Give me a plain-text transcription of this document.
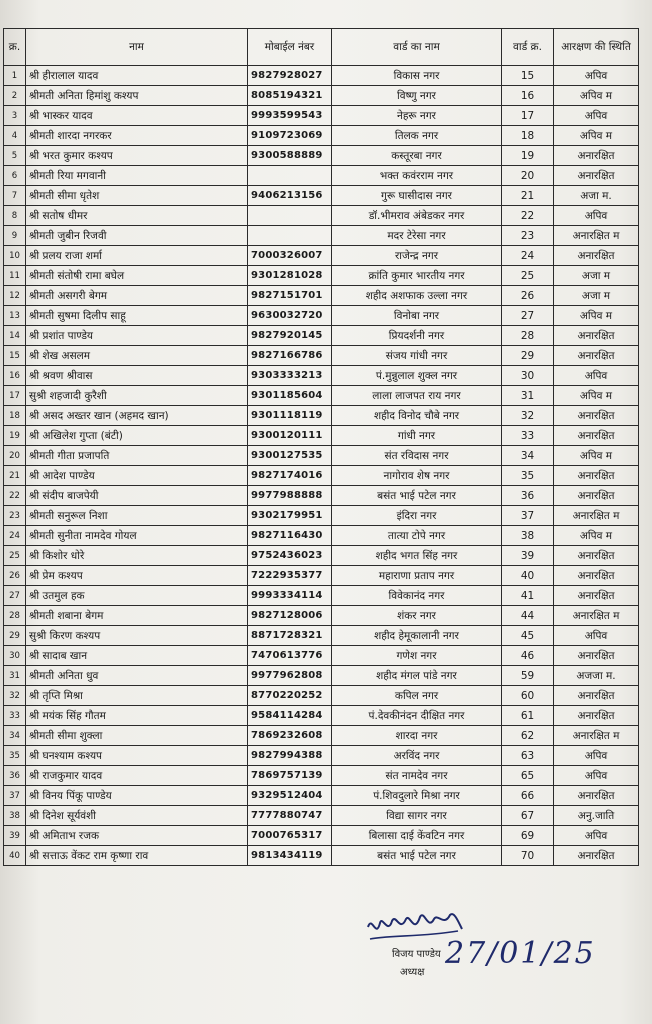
क्र.	नाम	मोबाईल नंबर	वार्ड का नाम	वार्ड क्र.	आरक्षण की स्थिति
1	श्री हीरालाल यादव	9827928027	विकास नगर	15	अपिव
2	श्रीमती अनिता हिमांशु कश्यप	8085194321	विष्णु नगर	16	अपिव म
3	श्री भास्कर यादव	9993599543	नेहरू नगर	17	अपिव
4	श्रीमती शारदा नगरकर	9109723069	तिलक नगर	18	अपिव म
5	श्री भरत कुमार कश्यप	9300588889	कस्तूरबा नगर	19	अनारक्षित
6	श्रीमती रिया मगवानी		भक्त कवंरराम नगर	20	अनारक्षित
7	श्रीमती सीमा धृतेश	9406213156	गुरू घासीदास नगर	21	अजा म.
8	श्री सतोष धीमर		डॉ.भीमराव अंबेडकर नगर	22	अपिव
9	श्रीमती जुबीन रिजवी		मदर टेरेसा नगर	23	अनारक्षित म
10	श्री प्रलय राजा शर्मा	7000326007	राजेन्द्र नगर	24	अनारक्षित
11	श्रीमती संतोषी रामा बघेल	9301281028	क्रांति कुमार भारतीय नगर	25	अजा म
12	श्रीमती असगरी बेगम	9827151701	शहीद अशफाक उल्ला नगर	26	अजा म
13	श्रीमती सुषमा दिलीप साहू	9630032720	विनोबा नगर	27	अपिव म
14	श्री प्रशांत पाण्डेय	9827920145	प्रियदर्शनी नगर	28	अनारक्षित
15	श्री शेख असलम	9827166786	संजय गांधी नगर	29	अनारक्षित
16	श्री श्रवण श्रीवास	9303333213	पं.मुन्नुलाल शुक्ल नगर	30	अपिव
17	सुश्री शहजादी कुरैशी	9301185604	लाला लाजपत राय नगर	31	अपिव म
18	श्री असद अख्तर खान (अहमद खान)	9301118119	शहीद विनोद चौबे नगर	32	अनारक्षित
19	श्री अखिलेश गुप्ता (बंटी)	9300120111	गांधी नगर	33	अनारक्षित
20	श्रीमती गीता प्रजापति	9300127535	संत रविदास नगर	34	अपिव म
21	श्री आदेश पाण्डेय	9827174016	नागोराव शेष नगर	35	अनारक्षित
22	श्री संदीप बाजपेयी	9977988888	बसंत भाई पटेल नगर	36	अनारक्षित
23	श्रीमती सनुरूल निशा	9302179951	इंदिरा नगर	37	अनारक्षित म
24	श्रीमती सुनीता नामदेव गोयल	9827116430	तात्या टोपे नगर	38	अपिव म
25	श्री किशोर धोरे	9752436023	शहीद भगत सिंह नगर	39	अनारक्षित
26	श्री प्रेम कश्यप	7222935377	महाराणा प्रताप नगर	40	अनारक्षित
27	श्री उतमुल हक	9993334114	विवेकानंद नगर	41	अनारक्षित
28	श्रीमती शबाना बेगम	9827128006	शंकर नगर	44	अनारक्षित म
29	सुश्री किरण कश्यप	8871728321	शहीद हेमूकालानी नगर	45	अपिव
30	श्री सादाब खान	7470613776	गणेश नगर	46	अनारक्षित
31	श्रीमती अनिता धुव	9977962808	शहीद मंगल पांडे नगर	59	अजजा म.
32	श्री तृप्ति मिश्रा	8770220252	कपिल नगर	60	अनारक्षित
33	श्री मयंक सिंह गौतम	9584114284	पं.देवकीनंदन दीक्षित नगर	61	अनारक्षित
34	श्रीमती सीमा शुक्ला	7869232608	शारदा नगर	62	अनारक्षित म
35	श्री घनश्याम कश्यप	9827994388	अरविंद नगर	63	अपिव
36	श्री राजकुमार यादव	7869757139	संत नामदेव नगर	65	अपिव
37	श्री विनय पिंकू पाण्डेय	9329512404	पं.शिवदुलारे मिश्रा नगर	66	अनारक्षित
38	श्री दिनेश सूर्यवंशी	7777880747	विद्या सागर नगर	67	अनु.जाति
39	श्री अमिताभ रजक	7000765317	बिलासा दाई केंवटिन नगर	69	अपिव
40	श्री सत्ताऊ वेंकट राम कृष्णा राव	9813434119	बसंत भाई पटेल नगर	70	अनारक्षित
विजय पाण्डेय
अध्यक्ष
27/01/25
